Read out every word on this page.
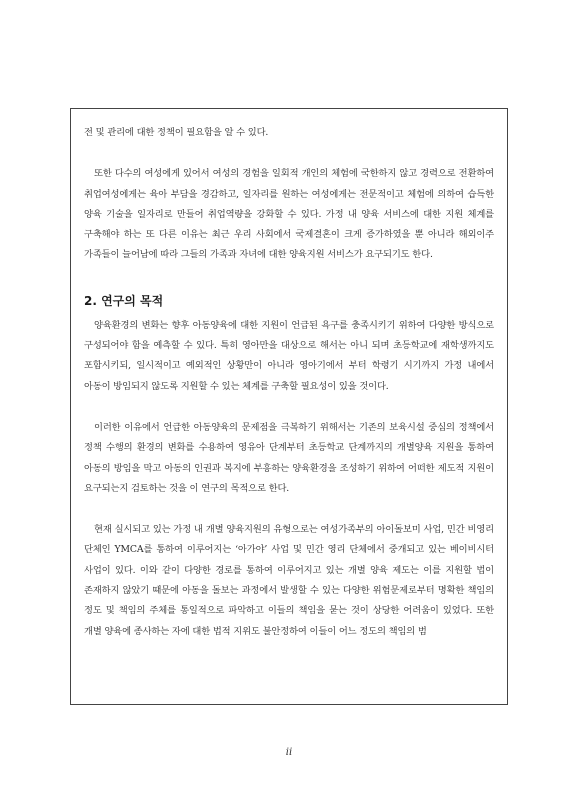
전 및 관리에 대한 정책이 필요함을 알 수 있다.

또한 다수의 여성에게 있어서 여성의 경험을 일회적 개인의 체험에 국한하지 않고 경력으로 전환하여 취업여성에게는 육아 부담을 경감하고, 일자리를 원하는 여성에게는 전문적이고 체험에 의하여 습득한 양육 기술을 일자리로 만들어 취업역량을 강화할 수 있다. 가정 내 양육 서비스에 대한 지원 체계를 구축해야 하는 또 다른 이유는 최근 우리 사회에서 국제결혼이 크게 증가하였을 뿐 아니라 해외이주 가족들이 늘어남에 따라 그들의 가족과 자녀에 대한 양육지원 서비스가 요구되기도 한다.

2. 연구의 목적

양육환경의 변화는 향후 아동양육에 대한 지원이 언급된 욕구를 충족시키기 위하여 다양한 방식으로 구성되어야 함을 예측할 수 있다. 특히 영아만을 대상으로 해서는 아니 되며 초등학교에 재학생까지도 포함시키되, 일시적이고 예외적인 상황만이 아니라 영아기에서 부터 학령기 시기까지 가정 내에서 아동이 방임되지 않도록 지원할 수 있는 체계를 구축할 필요성이 있을 것이다.

이러한 이유에서 언급한 아동양육의 문제점을 극복하기 위해서는 기존의 보육시설 중심의 정책에서 정책 수행의 환경의 변화를 수용하여 영유아 단계부터 초등학교 단계까지의 개별양육 지원을 통하여 아동의 방임을 막고 아동의 인권과 복지에 부흥하는 양육환경을 조성하기 위하여 어떠한 제도적 지원이 요구되는지 검토하는 것을 이 연구의 목적으로 한다.

현재 실시되고 있는 가정 내 개별 양육지원의 유형으로는 여성가족부의 아이돌보미 사업, 민간 비영리 단체인 YMCA를 통하여 이루어지는 ‘아가야’ 사업 및 민간 영리 단체에서 중개되고 있는 베이비시터 사업이 있다. 이와 같이 다양한 경로를 통하여 이루어지고 있는 개별 양육 제도는 이를 지원할 법이 존재하지 않았기 때문에 아동을 돌보는 과정에서 발생할 수 있는 다양한 위험문제로부터 명확한 책임의 정도 및 책임의 주체를 통일적으로 파악하고 이들의 책임을 묻는 것이 상당한 어려움이 있었다. 또한 개별 양육에 종사하는 자에 대한 법적 지위도 불안정하여 이들이 어느 정도의 책임의 범

ii
